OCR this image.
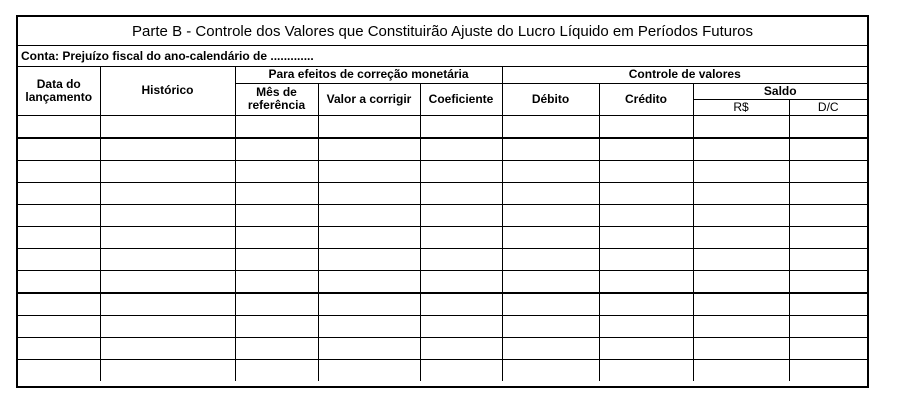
Parte B - Controle dos Valores que Constituirão Ajuste do Lucro Líquido em Períodos Futuros
Conta: Prejuízo fiscal do ano-calendário de .............
Data do lançamento	Histórico	Para efeitos de correção monetária			Controle de valores			
		Mês de referência	Valor a corrigir	Coeficiente	Débito	Crédito	Saldo	
							R$	D/C
